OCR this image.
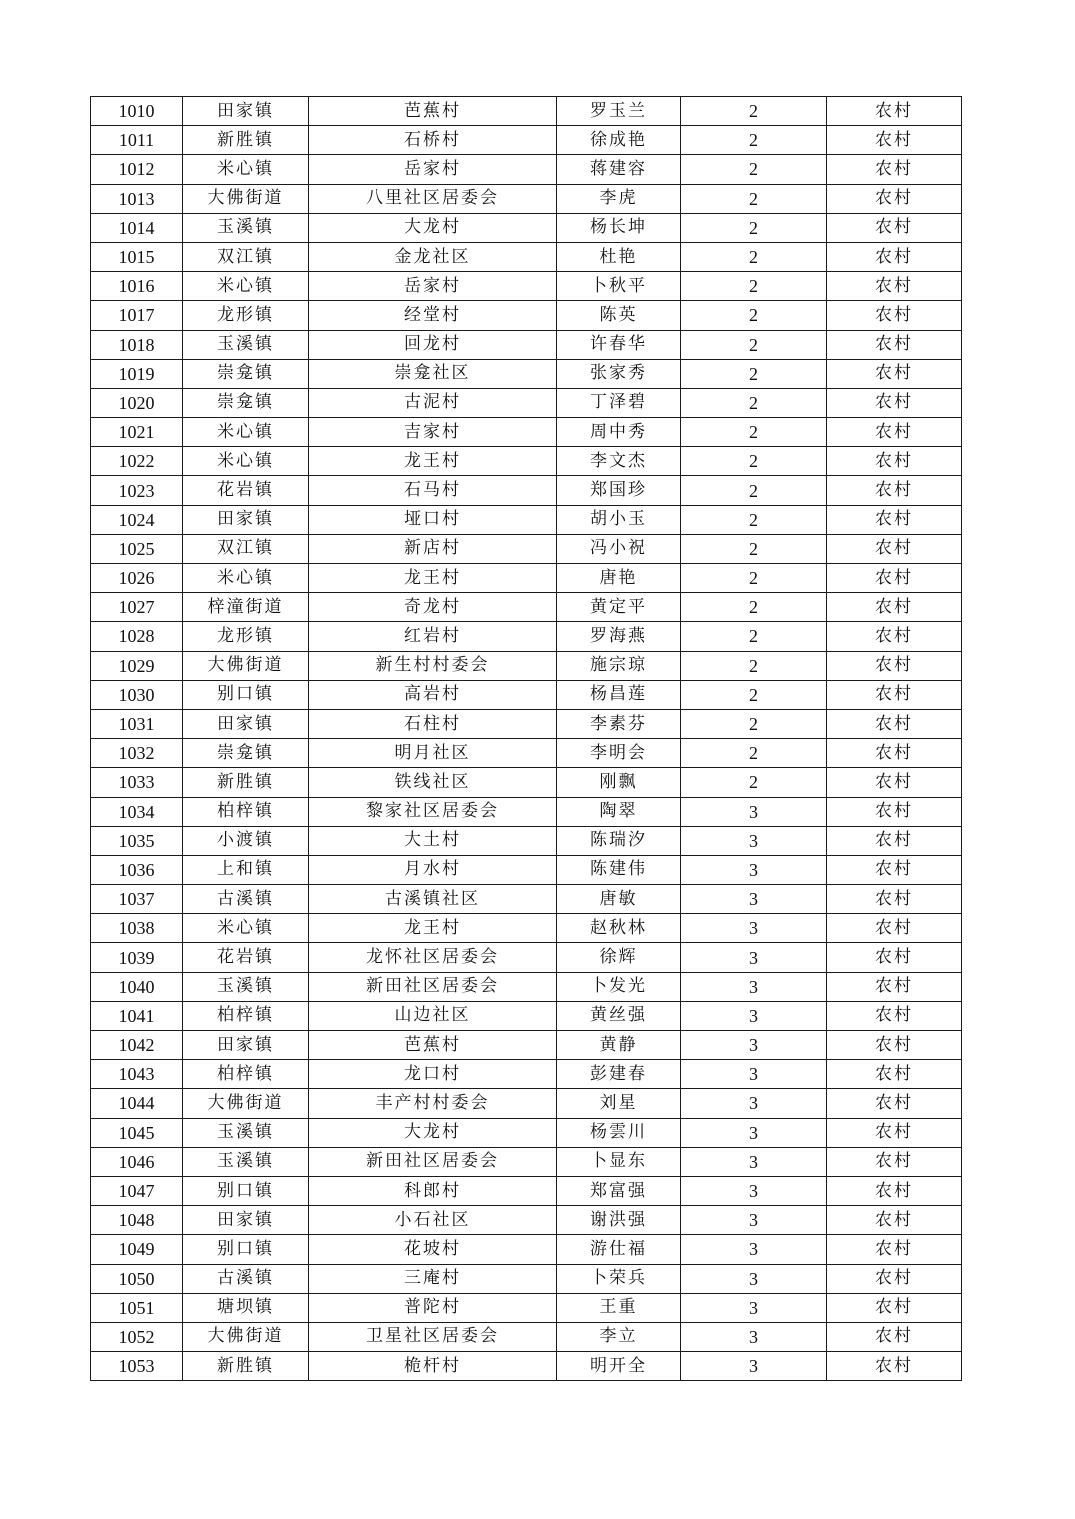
1010	田家镇	芭蕉村	罗玉兰	2	农村
1011	新胜镇	石桥村	徐成艳	2	农村
1012	米心镇	岳家村	蒋建容	2	农村
1013	大佛街道	八里社区居委会	李虎	2	农村
1014	玉溪镇	大龙村	杨长坤	2	农村
1015	双江镇	金龙社区	杜艳	2	农村
1016	米心镇	岳家村	卜秋平	2	农村
1017	龙形镇	经堂村	陈英	2	农村
1018	玉溪镇	回龙村	许春华	2	农村
1019	崇龛镇	崇龛社区	张家秀	2	农村
1020	崇龛镇	古泥村	丁泽碧	2	农村
1021	米心镇	吉家村	周中秀	2	农村
1022	米心镇	龙王村	李文杰	2	农村
1023	花岩镇	石马村	郑国珍	2	农村
1024	田家镇	垭口村	胡小玉	2	农村
1025	双江镇	新店村	冯小祝	2	农村
1026	米心镇	龙王村	唐艳	2	农村
1027	梓潼街道	奇龙村	黄定平	2	农村
1028	龙形镇	红岩村	罗海燕	2	农村
1029	大佛街道	新生村村委会	施宗琼	2	农村
1030	别口镇	高岩村	杨昌莲	2	农村
1031	田家镇	石柱村	李素芬	2	农村
1032	崇龛镇	明月社区	李明会	2	农村
1033	新胜镇	铁线社区	刚飘	2	农村
1034	柏梓镇	黎家社区居委会	陶翠	3	农村
1035	小渡镇	大土村	陈瑞汐	3	农村
1036	上和镇	月水村	陈建伟	3	农村
1037	古溪镇	古溪镇社区	唐敏	3	农村
1038	米心镇	龙王村	赵秋林	3	农村
1039	花岩镇	龙怀社区居委会	徐辉	3	农村
1040	玉溪镇	新田社区居委会	卜发光	3	农村
1041	柏梓镇	山边社区	黄丝强	3	农村
1042	田家镇	芭蕉村	黄静	3	农村
1043	柏梓镇	龙口村	彭建春	3	农村
1044	大佛街道	丰产村村委会	刘星	3	农村
1045	玉溪镇	大龙村	杨雲川	3	农村
1046	玉溪镇	新田社区居委会	卜显东	3	农村
1047	别口镇	科郎村	郑富强	3	农村
1048	田家镇	小石社区	谢洪强	3	农村
1049	别口镇	花坡村	游仕福	3	农村
1050	古溪镇	三庵村	卜荣兵	3	农村
1051	塘坝镇	普陀村	王重	3	农村
1052	大佛街道	卫星社区居委会	李立	3	农村
1053	新胜镇	桅杆村	明开全	3	农村
